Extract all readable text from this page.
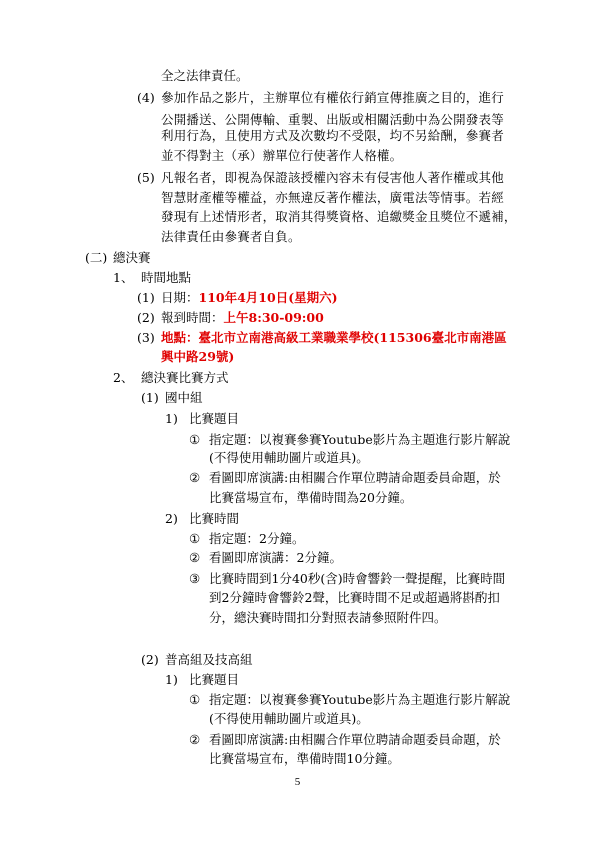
全之法律責任。
(4) 參加作品之影片，主辦單位有權依行銷宣傳推廣之目的，進行
公開播送、公開傳輸、重製、出版或相關活動中為公開發表等
利用行為，且使用方式及次數均不受限，均不另給酬，參賽者
並不得對主（承）辦單位行使著作人格權。
(5) 凡報名者，即視為保證該授權內容未有侵害他人著作權或其他
智慧財產權等權益，亦無違反著作權法，廣電法等情事。若經
發現有上述情形者，取消其得獎資格、追繳獎金且獎位不遞補，
法律責任由參賽者自負。
(二) 總決賽
1、 時間地點
(1) 日期：110年4月10日(星期六)
(2) 報到時間：上午8:30-09:00
(3) 地點：臺北市立南港高級工業職業學校(115306臺北市南港區
興中路29號)
2、 總決賽比賽方式
(1) 國中組
1) 比賽題目
① 指定題：以複賽參賽Youtube影片為主題進行影片解說
(不得使用輔助圖片或道具)。
② 看圖即席演講:由相關合作單位聘請命題委員命題，於
比賽當場宣布，準備時間為20分鐘。
2) 比賽時間
① 指定題：2分鐘。
② 看圖即席演講：2分鐘。
③ 比賽時間到1分40秒(含)時會響鈴一聲提醒，比賽時間
到2分鐘時會響鈴2聲，比賽時間不足或超過將斟酌扣
分，總決賽時間扣分對照表請參照附件四。
(2) 普高組及技高組
1) 比賽題目
① 指定題：以複賽參賽Youtube影片為主題進行影片解說
(不得使用輔助圖片或道具)。
② 看圖即席演講:由相關合作單位聘請命題委員命題，於
比賽當場宣布，準備時間10分鐘。
5
